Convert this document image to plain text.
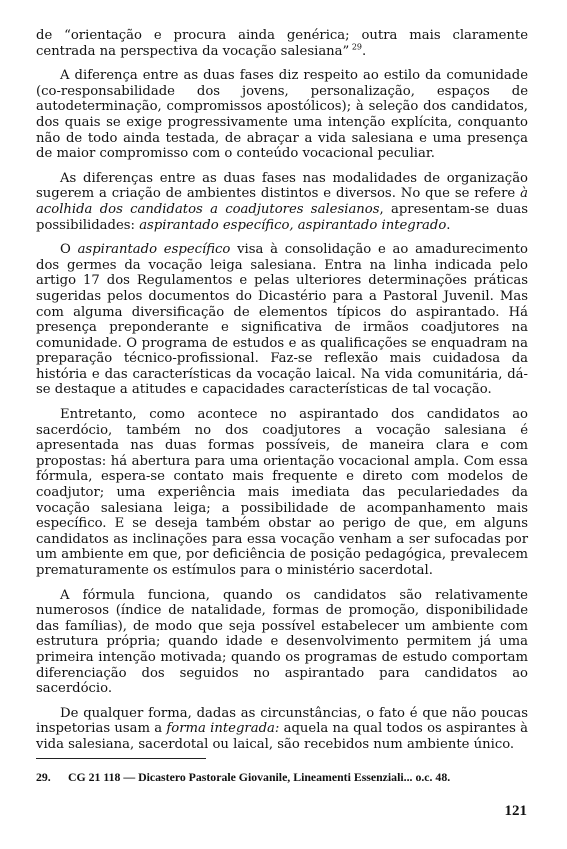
de “orientação e procura ainda genérica; outra mais claramente centrada na perspectiva da vocação salesiana” $^{29}$.

A diferença entre as duas fases diz respeito ao estilo da comunidade (co-responsabilidade dos jovens, personalização, espaços de autodeterminação, compromissos apostólicos); à seleção dos candidatos, dos quais se exige progressivamente uma intenção explícita, conquanto não de todo ainda testada, de abraçar a vida salesiana e uma presença de maior compromisso com o conteúdo vocacional peculiar.

As diferenças entre as duas fases nas modalidades de organização sugerem a criação de ambientes distintos e diversos. No que se refere à acolhida dos candidatos a coadjutores salesianos, apresentam-se duas possibilidades: aspirantado específico, aspirantado integrado.

O aspirantado específico visa à consolidação e ao amadurecimento dos germes da vocação leiga salesiana. Entra na linha indicada pelo artigo 17 dos Regulamentos e pelas ulteriores determinações práticas sugeridas pelos documentos do Dicastério para a Pastoral Juvenil. Mas com alguma diversificação de elementos típicos do aspirantado. Há presença preponderante e significativa de irmãos coadjutores na comunidade. O programa de estudos e as qualificações se enquadram na preparação técnico-profissional. Faz-se reflexão mais cuidadosa da história e das características da vocação laical. Na vida comunitária, dá-se destaque a atitudes e capacidades características de tal vocação.

Entretanto, como acontece no aspirantado dos candidatos ao sacerdócio, também no dos coadjutores a vocação salesiana é apresentada nas duas formas possíveis, de maneira clara e com propostas: há abertura para uma orientação vocacional ampla. Com essa fórmula, espera-se contato mais frequente e direto com modelos de coadjutor; uma experiência mais imediata das peculariedades da vocação salesiana leiga; a possibilidade de acompanhamento mais específico. E se deseja também obstar ao perigo de que, em alguns candidatos as inclinações para essa vocação venham a ser sufocadas por um ambiente em que, por deficiência de posição pedagógica, prevalecem prematuramente os estímulos para o ministério sacerdotal.

A fórmula funciona, quando os candidatos são relativamente numerosos (índice de natalidade, formas de promoção, disponibilidade das famílias), de modo que seja possível estabelecer um ambiente com estrutura própria; quando idade e desenvolvimento permitem já uma primeira intenção motivada; quando os programas de estudo comportam diferenciação dos seguidos no aspirantado para candidatos ao sacerdócio.

De qualquer forma, dadas as circunstâncias, o fato é que não poucas inspetorias usam a forma integrada: aquela na qual todos os aspirantes à vida salesiana, sacerdotal ou laical, são recebidos num ambiente único.

29. CG 21 118 — Dicastero Pastorale Giovanile, Lineamenti Essenziali... o.c. 48.
121
